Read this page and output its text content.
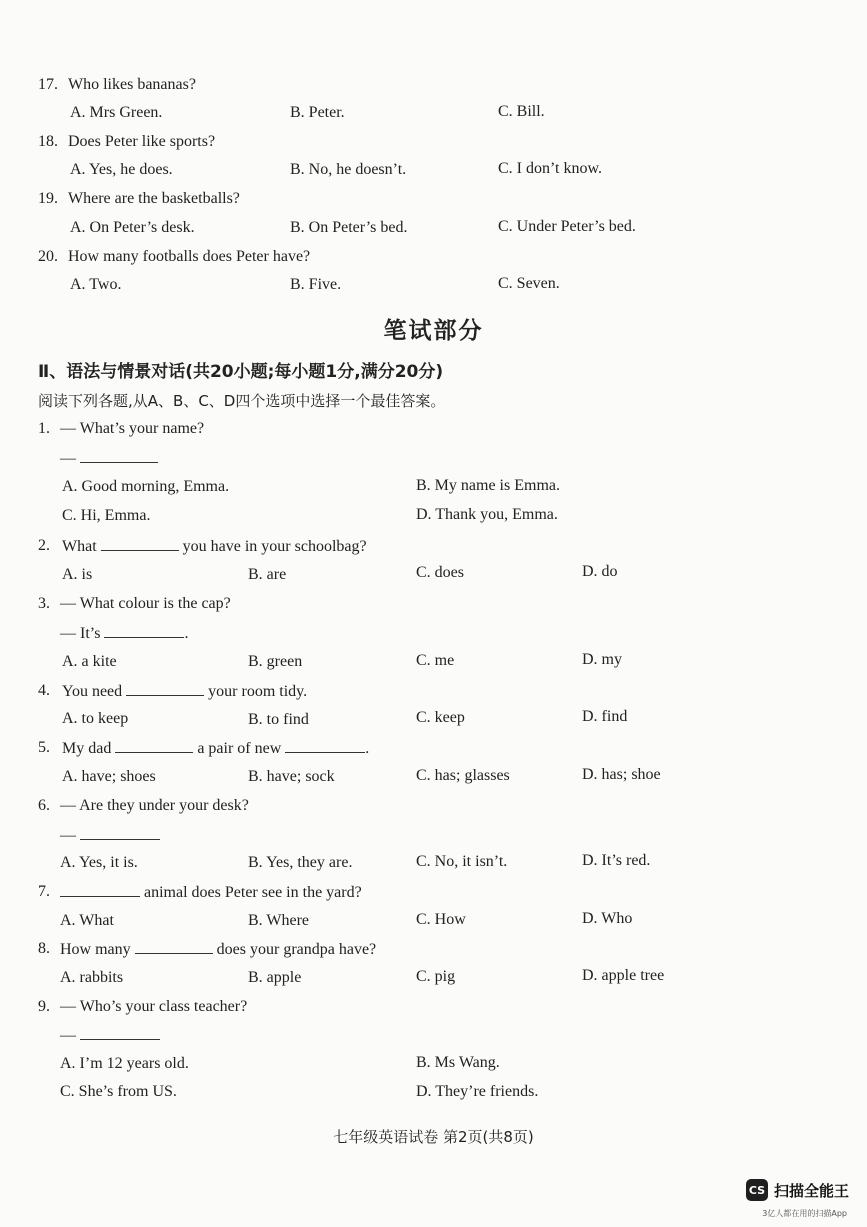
17. Who likes bananas?
A. Mrs Green.	B. Peter.	C. Bill.
18. Does Peter like sports?
A. Yes, he does.	B. No, he doesn’t.	C. I don’t know.
19. Where are the basketballs?
A. On Peter’s desk.	B. On Peter’s bed.	C. Under Peter’s bed.
20. How many footballs does Peter have?
A. Two.	B. Five.	C. Seven.
笔试部分
Ⅱ、语法与情景对话(共20小题;每小题1分,满分20分)
阅读下列各题,从A、B、C、D四个选项中选择一个最佳答案。
1. — What’s your name?
—
A. Good morning, Emma.	B. My name is Emma.
C. Hi, Emma.	D. Thank you, Emma.
2. What	you have in your schoolbag?
A. is	B. are	C. does	D. do
3. — What colour is the cap?
— It’s	.
A. a kite	B. green	C. me	D. my
4. You need	your room tidy.
A. to keep	B. to find	C. keep	D. find
5. My dad	a pair of new	.
A. have; shoes	B. have; sock	C. has; glasses	D. has; shoe
6. — Are they under your desk?
—
A. Yes, it is.	B. Yes, they are.	C. No, it isn’t.	D. It’s red.
7.	animal does Peter see in the yard?
A. What	B. Where	C. How	D. Who
8. How many	does your grandpa have?
A. rabbits	B. apple	C. pig	D. apple tree
9. — Who’s your class teacher?
—
A. I’m 12 years old.	B. Ms Wang.
C. She’s from US.	D. They’re friends.
七年级英语试卷 第2页(共8页)
CS 扫描全能王
3亿人都在用的扫描App
